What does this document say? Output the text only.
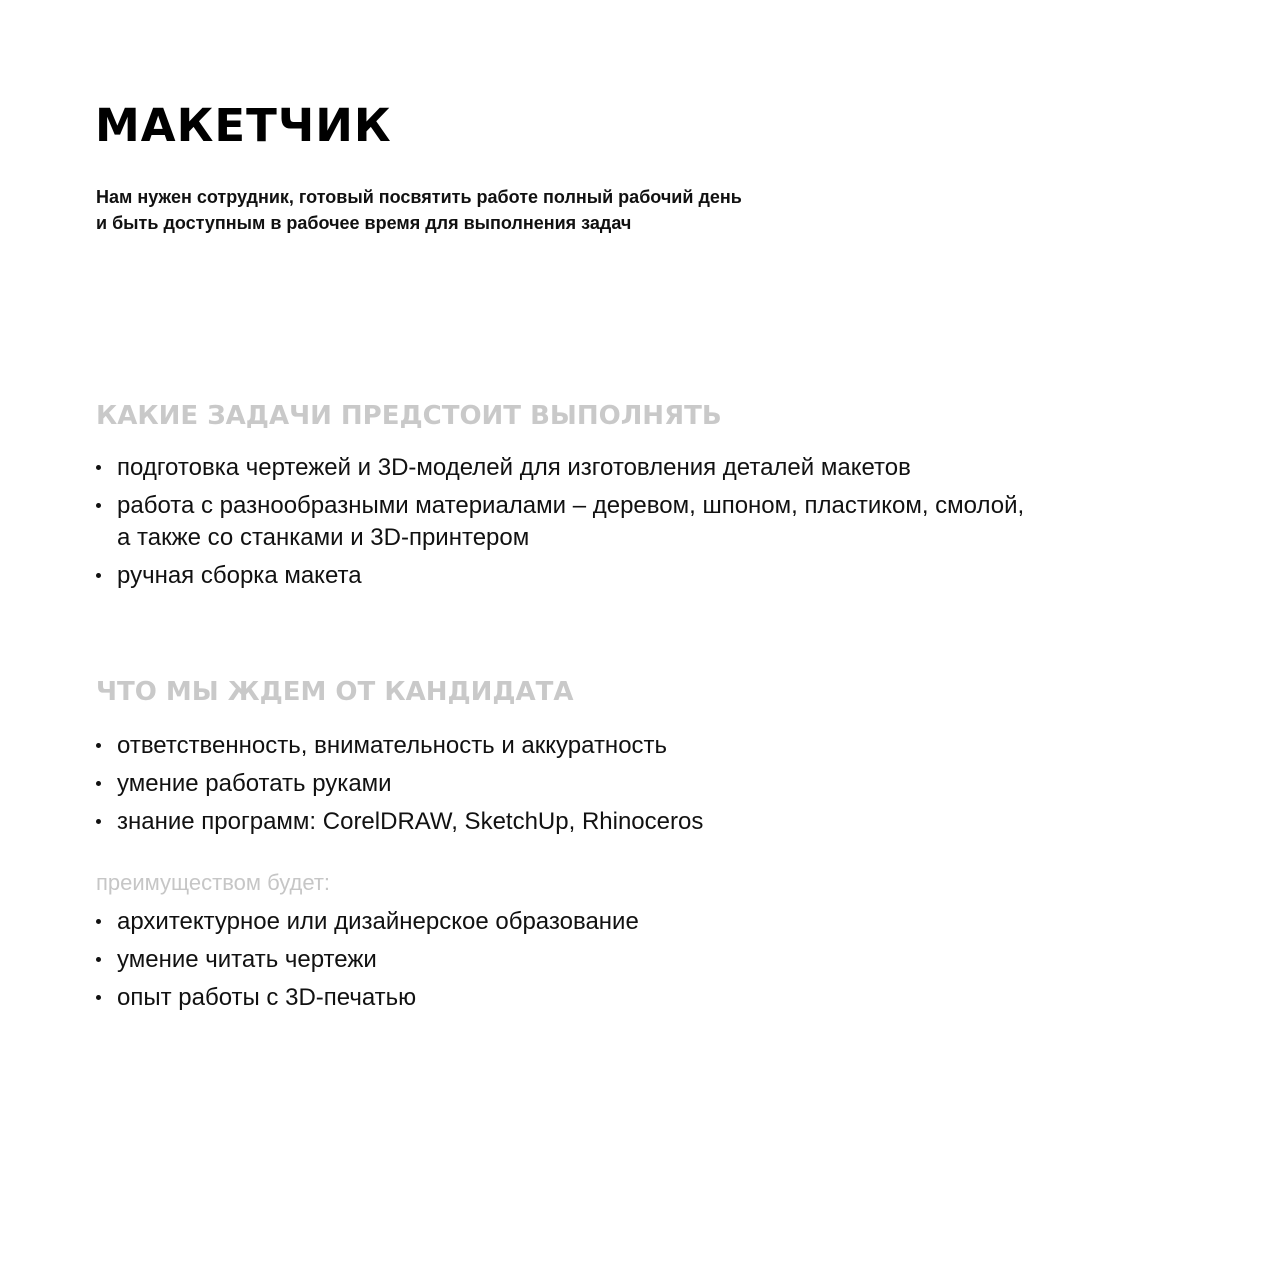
МАКЕТЧИК

Нам нужен сотрудник, готовый посвятить работе полный рабочий день
и быть доступным в рабочее время для выполнения задач

КАКИЕ ЗАДАЧИ ПРЕДСТОИТ ВЫПОЛНЯТЬ
подготовка чертежей и 3D-моделей для изготовления деталей макетов
работа с разнообразными материалами – деревом, шпоном, пластиком, смолой,
а также со станками и 3D-принтером
ручная сборка макета
ЧТО МЫ ЖДЕМ ОТ КАНДИДАТА
ответственность, внимательность и аккуратность
умение работать руками
знание программ: CorelDRAW, SketchUp, Rhinoceros

преимуществом будет:

архитектурное или дизайнерское образование
умение читать чертежи
опыт работы с 3D-печатью
